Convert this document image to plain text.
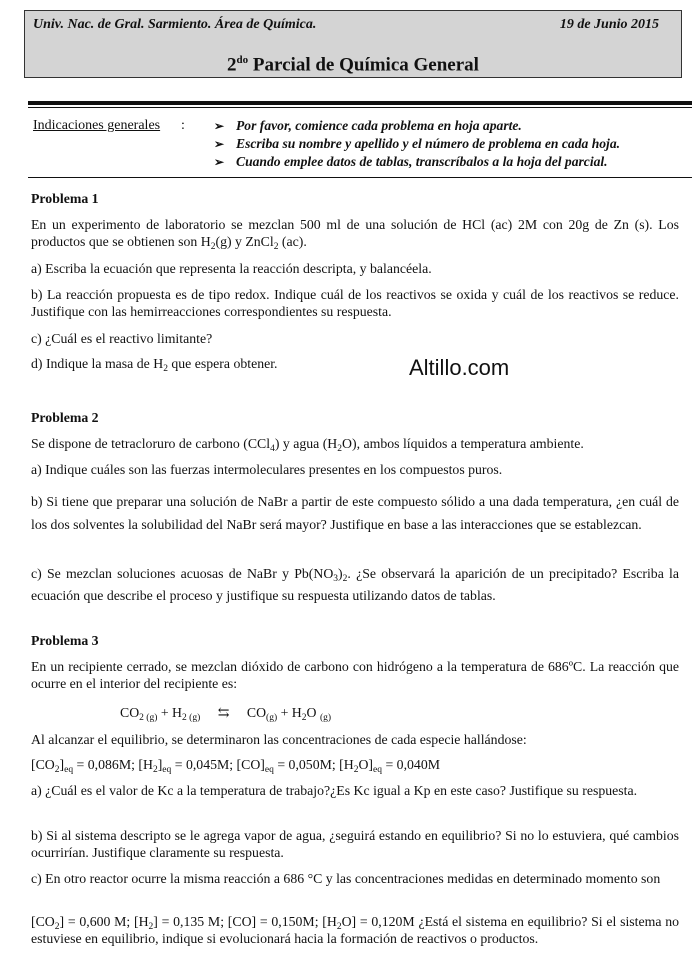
Univ. Nac. de Gral. Sarmiento. Área de Química.	19 de Junio 2015
$2^{do}$ Parcial de Química General
Indicaciones generales : ➢ Por favor, comience cada problema en hoja aparte.
➢ Escriba su nombre y apellido y el número de problema en cada hoja.
➢ Cuando emplee datos de tablas, transcríbalos a la hoja del parcial.
Problema 1
En un experimento de laboratorio se mezclan 500 ml de una solución de HCl (ac) 2M con 20g de Zn (s). Los productos que se obtienen son $H_2(g)$ y ZnCl$_2$ (ac).
a) Escriba la ecuación que representa la reacción descripta, y balancéela.
b) La reacción propuesta es de tipo redox. Indique cuál de los reactivos se oxida y cuál de los reactivos se reduce. Justifique con las hemirreacciones correspondientes su respuesta.
c) ¿Cuál es el reactivo limitante?
d) Indique la masa de $H_2$ que espera obtener.	Altillo.com
Problema 2
Se dispone de tetracloruro de carbono (CCl$_4$) y agua $(H_2O)$, ambos líquidos a temperatura ambiente.
a) Indique cuáles son las fuerzas intermoleculares presentes en los compuestos puros.
b) Si tiene que preparar una solución de NaBr a partir de este compuesto sólido a una dada temperatura, ¿en cuál de los dos solventes la solubilidad del NaBr será mayor? Justifique en base a las interacciones que se establezcan.
c) Se mezclan soluciones acuosas de NaBr y $Pb(NO_3)_2$. ¿Se observará la aparición de un precipitado? Escriba la ecuación que describe el proceso y justifique su respuesta utilizando datos de tablas.
Problema 3
En un recipiente cerrado, se mezclan dióxido de carbono con hidrógeno a la temperatura de 686ºC. La reacción que ocurre en el interior del recipiente es:
$CO_{2 (g)} + H_{2 (g)}$ ⇆ $CO_{(g)} + H_2O$ $_{(g)}$
Al alcanzar el equilibrio, se determinaron las concentraciones de cada especie hallándose:
$[CO_2]_{eq} = 0,086M$; $[H_2]_{eq} = 0,045M$; $[CO]_{eq} = 0,050M$; $[H_2O]_{eq} = 0,040M$
a) ¿Cuál es el valor de Kc a la temperatura de trabajo?¿Es Kc igual a Kp en este caso? Justifique su respuesta.
b) Si al sistema descripto se le agrega vapor de agua, ¿seguirá estando en equilibrio? Si no lo estuviera, qué cambios ocurrirían. Justifique claramente su respuesta.
c) En otro reactor ocurre la misma reacción a 686 °C y las concentraciones medidas en determinado momento son
$[CO_2] = 0,600$ M; $[H_2] = 0,135$ M; [CO] = 0,150M; $[H_2O] = 0,120M$ ¿Está el sistema en equilibrio? Si el sistema no estuviese en equilibrio, indique si evolucionará hacia la formación de reactivos o productos.
